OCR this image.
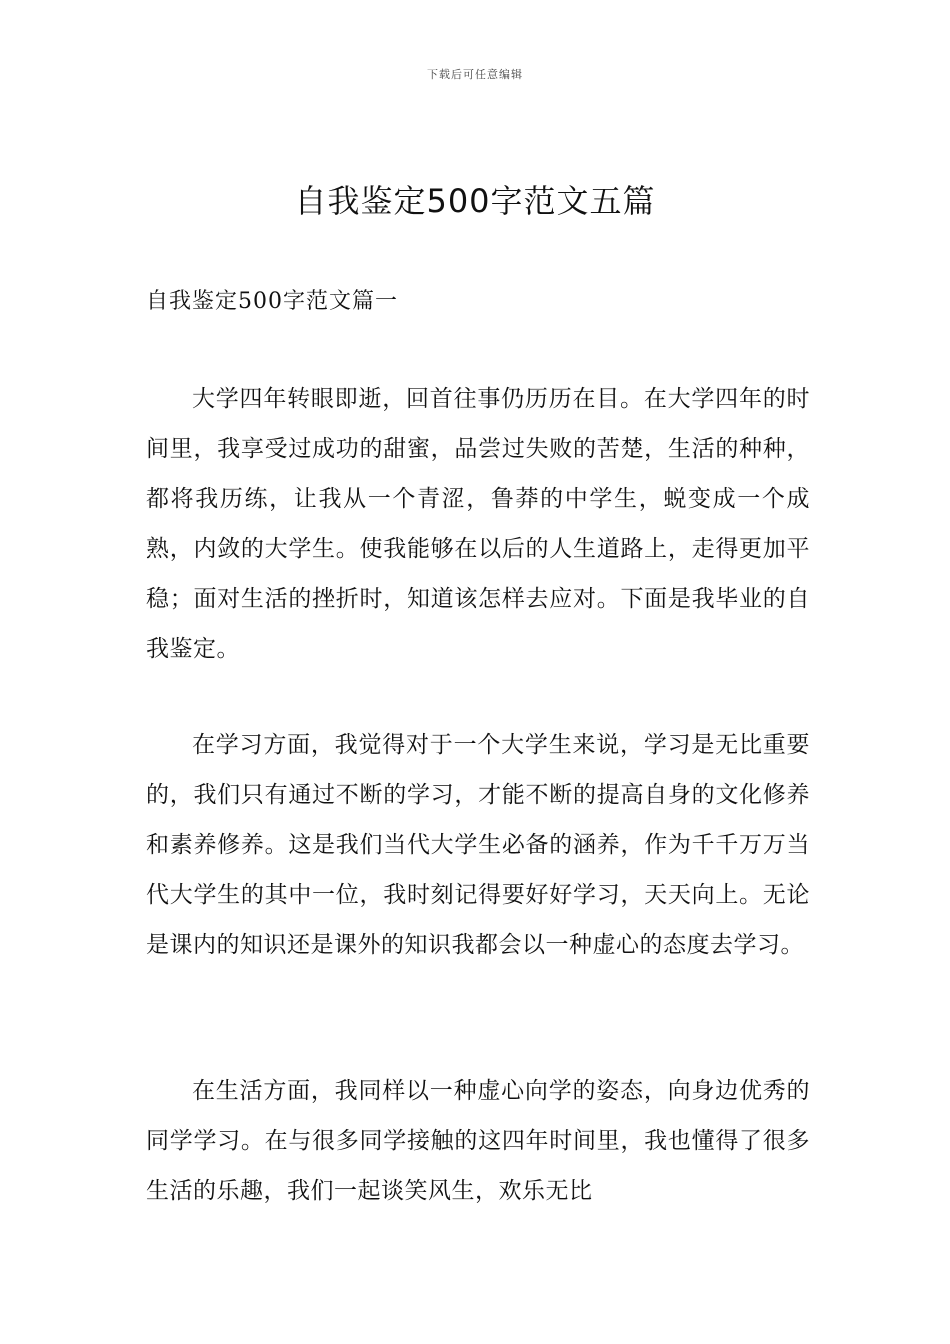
下载后可任意编辑
自我鉴定500字范文五篇
自我鉴定500字范文篇一

大学四年转眼即逝，回首往事仍历历在目。在大学四年的时间里，我享受过成功的甜蜜，品尝过失败的苦楚，生活的种种，都将我历练，让我从一个青涩，鲁莽的中学生，蜕变成一个成熟，内敛的大学生。使我能够在以后的人生道路上，走得更加平稳；面对生活的挫折时，知道该怎样去应对。下面是我毕业的自我鉴定。

在学习方面，我觉得对于一个大学生来说，学习是无比重要的，我们只有通过不断的学习，才能不断的提高自身的文化修养和素养修养。这是我们当代大学生必备的涵养，作为千千万万当代大学生的其中一位，我时刻记得要好好学习，天天向上。无论是课内的知识还是课外的知识我都会以一种虚心的态度去学习。

在生活方面，我同样以一种虚心向学的姿态，向身边优秀的同学学习。在与很多同学接触的这四年时间里，我也懂得了很多生活的乐趣，我们一起谈笑风生，欢乐无比
